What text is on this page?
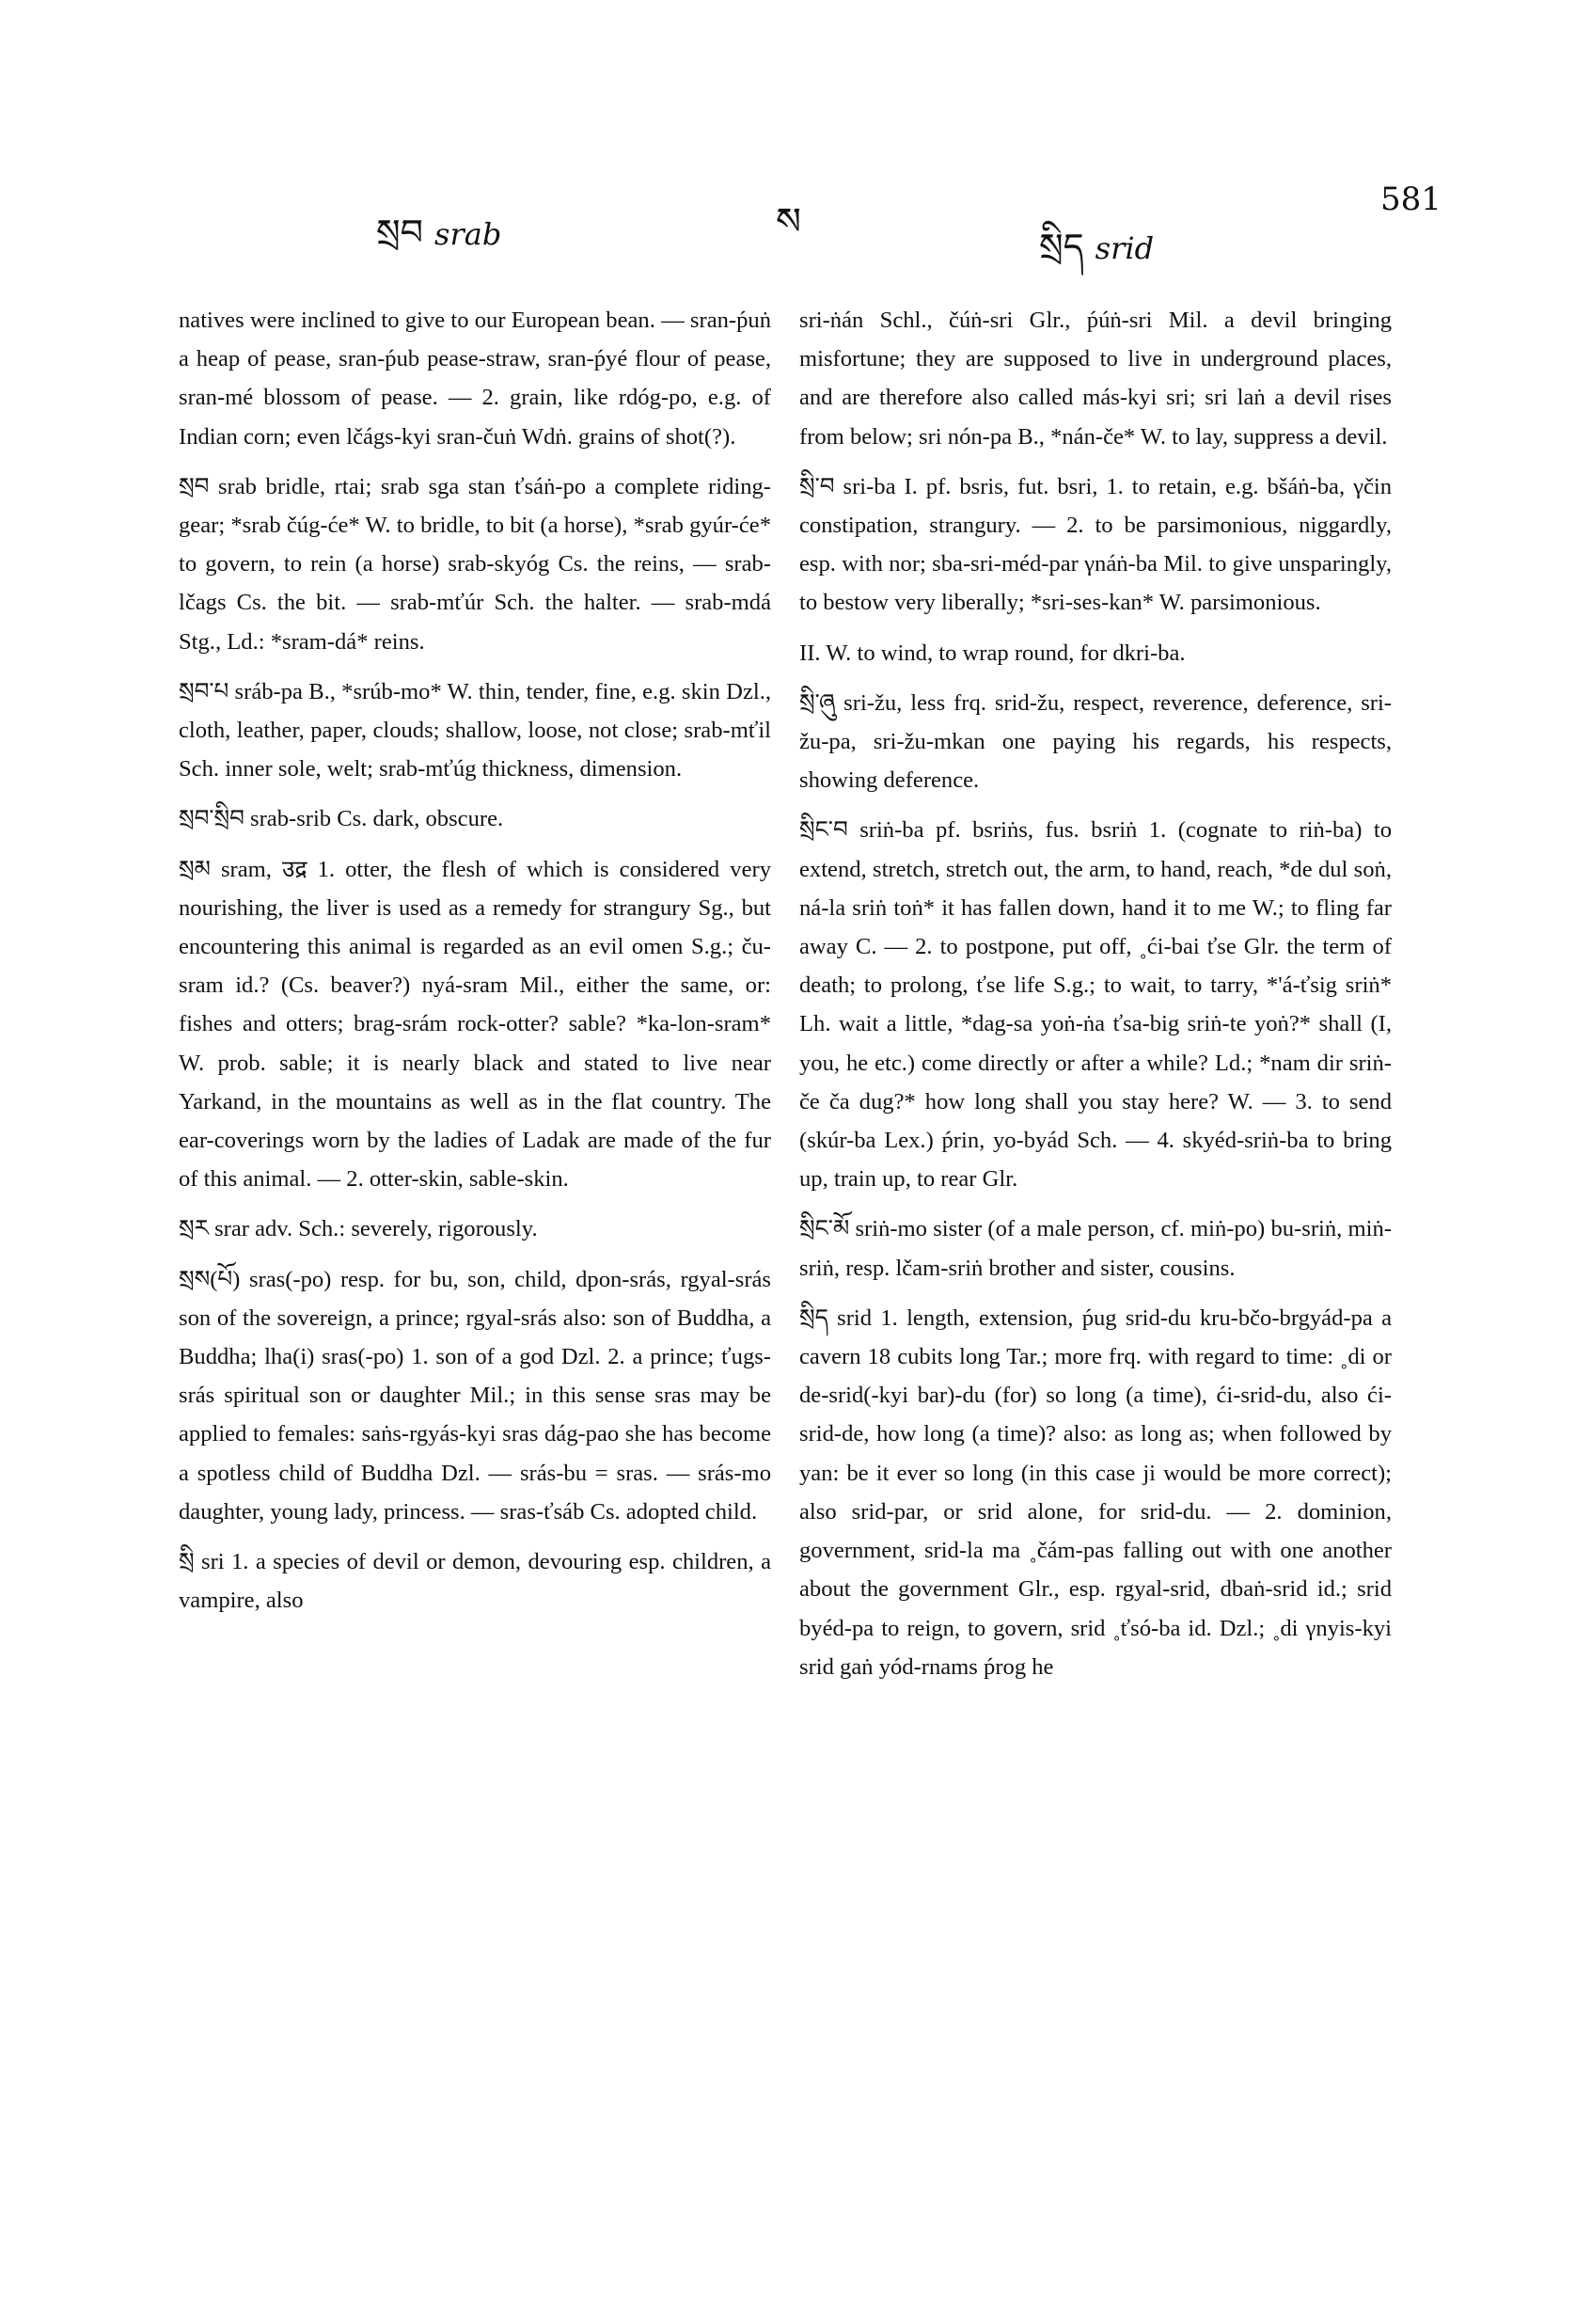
སྲབ srab	ས
སྲིད srid
581

natives were inclined to give to our European bean. — sran-ṕuṅ a heap of pease, sran-ṕub pease-straw, sran-ṕyé flour of pease, sran-mé blossom of pease. — 2. grain, like rdóg-po, e.g. of Indian corn; even lčágs-kyi sran-čuṅ Wdṅ. grains of shot(?).

སྲབ srab bridle, rtai; srab sga stan ťsáṅ-po a complete riding-gear; *srab čúg-će* W. to bridle, to bit (a horse), *srab gyúr-će* to govern, to rein (a horse) srab-skyóg Cs. the reins, — srab-lčags Cs. the bit. — srab-mťúr Sch. the halter. — srab-mdá Stg., Ld.: *sram-dá* reins.

སྲབ་པ sráb-pa B., *srúb-mo* W. thin, tender, fine, e.g. skin Dzl., cloth, leather, paper, clouds; shallow, loose, not close; srab-mťil Sch. inner sole, welt; srab-mťúg thickness, dimension.

སྲབ་སྲིབ srab-srib Cs. dark, obscure.

སྲམ sram, उद्र 1. otter, the flesh of which is considered very nourishing, the liver is used as a remedy for strangury Sg., but encountering this animal is regarded as an evil omen S.g.; ču-sram id.? (Cs. beaver?) nyá-sram Mil., either the same, or: fishes and otters; brag-srám rock-otter? sable? *ka-lon-sram* W. prob. sable; it is nearly black and stated to live near Yarkand, in the mountains as well as in the flat country. The ear-coverings worn by the ladies of Ladak are made of the fur of this animal. — 2. otter-skin, sable-skin.

སྲར srar adv. Sch.: severely, rigorously.

སྲས(པོ) sras(-po) resp. for bu, son, child, dpon-srás, rgyal-srás son of the sovereign, a prince; rgyal-srás also: son of Buddha, a Buddha; lha(i) sras(-po) 1. son of a god Dzl. 2. a prince; ťugs-srás spiritual son or daughter Mil.; in this sense sras may be applied to females: saṅs-rgyás-kyi sras dág-pao she has become a spotless child of Buddha Dzl. — srás-bu = sras. — srás-mo daughter, young lady, princess. — sras-ťsáb Cs. adopted child.

སྲི sri 1. a species of devil or demon, devouring esp. children, a vampire, also

sri-ṅán Schl., čúṅ-sri Glr., ṕúṅ-sri Mil. a devil bringing misfortune; they are supposed to live in underground places, and are therefore also called más-kyi sri; sri laṅ a devil rises from below; sri nón-pa B., *nán-če* W. to lay, suppress a devil.

སྲི་བ sri-ba I. pf. bsris, fut. bsri, 1. to retain, e.g. bšáṅ-ba, γčin constipation, strangury. — 2. to be parsimonious, niggardly, esp. with nor; sba-sri-méd-par γnáṅ-ba Mil. to give unsparingly, to bestow very liberally; *sri-ses-kan* W. parsimonious.

II. W. to wind, to wrap round, for dkri-ba.

སྲི་ཞུ sri-žu, less frq. srid-žu, respect, reverence, deference, sri-žu-pa, sri-žu-mkan one paying his regards, his respects, showing deference.

སྲིང་བ sriṅ-ba pf. bsriṅs, fus. bsriṅ 1. (cognate to riṅ-ba) to extend, stretch, stretch out, the arm, to hand, reach, *de dul soṅ, ná-la sriṅ toṅ* it has fallen down, hand it to me W.; to fling far away C. — 2. to postpone, put off, ˳ći-bai ťse Glr. the term of death; to prolong, ťse life S.g.; to wait, to tarry, *'á-ťsig sriṅ* Lh. wait a little, *dag-sa yoṅ-ṅa ťsa-big sriṅ-te yoṅ?* shall (I, you, he etc.) come directly or after a while? Ld.; *nam dir sriṅ-če ča dug?* how long shall you stay here? W. — 3. to send (skúr-ba Lex.) ṕrin, yo-byád Sch. — 4. skyéd-sriṅ-ba to bring up, train up, to rear Glr.

སྲིང་མོ sriṅ-mo sister (of a male person, cf. miṅ-po) bu-sriṅ, miṅ-sriṅ, resp. lčam-sriṅ brother and sister, cousins.

སྲིད srid 1. length, extension, ṕug srid-du kru-bčo-brgyád-pa a cavern 18 cubits long Tar.; more frq. with regard to time: ˳di or de-srid(-kyi bar)-du (for) so long (a time), ći-srid-du, also ći-srid-de, how long (a time)? also: as long as; when followed by yan: be it ever so long (in this case ji would be more correct); also srid-par, or srid alone, for srid-du. — 2. dominion, government, srid-la ma ˳čám-pas falling out with one another about the government Glr., esp. rgyal-srid, dbaṅ-srid id.; srid byéd-pa to reign, to govern, srid ˳ťsó-ba id. Dzl.; ˳di γnyis-kyi srid gaṅ yód-rnams ṕrog he
